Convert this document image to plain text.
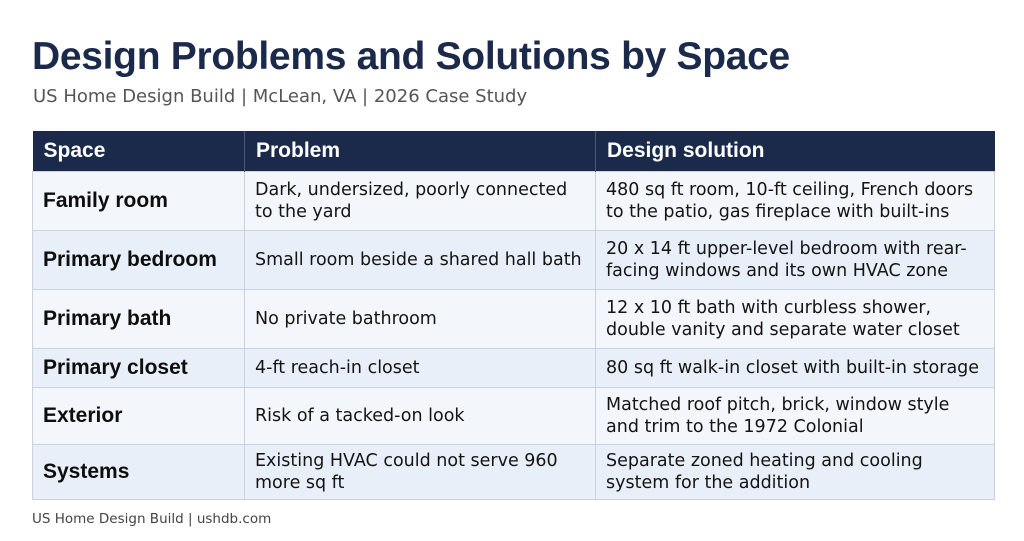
Design Problems and Solutions by Space
US Home Design Build | McLean, VA | 2026 Case Study
Space	Problem	Design solution
Family room	Dark, undersized, poorly connected to the yard	480 sq ft room, 10-ft ceiling, French doors to the patio, gas fireplace with built-ins
Primary bedroom	Small room beside a shared hall bath	20 x 14 ft upper-level bedroom with rear-facing windows and its own HVAC zone
Primary bath	No private bathroom	12 x 10 ft bath with curbless shower, double vanity and separate water closet
Primary closet	4-ft reach-in closet	80 sq ft walk-in closet with built-in storage
Exterior	Risk of a tacked-on look	Matched roof pitch, brick, window style and trim to the 1972 Colonial
Systems	Existing HVAC could not serve 960 more sq ft	Separate zoned heating and cooling system for the addition
US Home Design Build | ushdb.com
